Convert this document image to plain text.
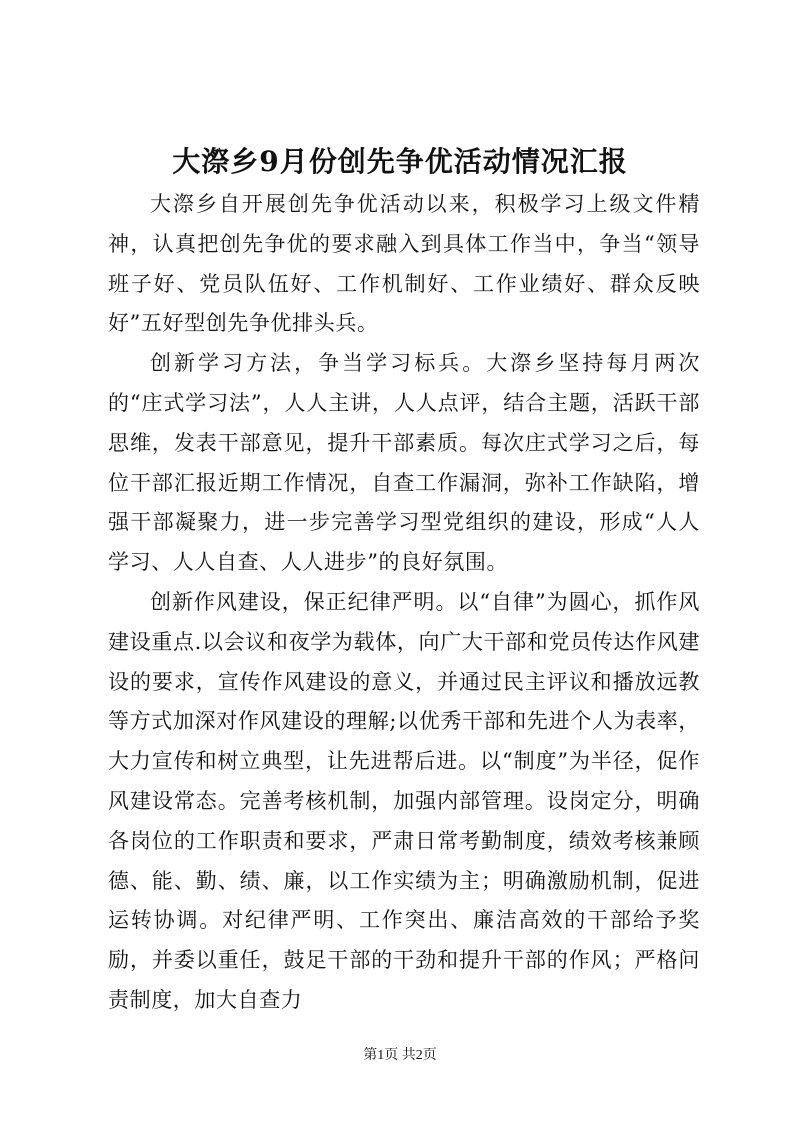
大漈乡9月份创先争优活动情况汇报

大漈乡自开展创先争优活动以来，积极学习上级文件精神，认真把创先争优的要求融入到具体工作当中，争当“领导班子好、党员队伍好、工作机制好、工作业绩好、群众反映好”五好型创先争优排头兵。

创新学习方法，争当学习标兵。大漈乡坚持每月两次的“庄式学习法”，人人主讲，人人点评，结合主题，活跃干部思维，发表干部意见，提升干部素质。每次庄式学习之后，每位干部汇报近期工作情况，自查工作漏洞，弥补工作缺陷，增强干部凝聚力，进一步完善学习型党组织的建设，形成“人人学习、人人自查、人人进步”的良好氛围。

创新作风建设，保正纪律严明。以“自律”为圆心，抓作风建设重点.以会议和夜学为载体，向广大干部和党员传达作风建设的要求，宣传作风建设的意义，并通过民主评议和播放远教等方式加深对作风建设的理解;以优秀干部和先进个人为表率，大力宣传和树立典型，让先进帮后进。以“制度”为半径，促作风建设常态。完善考核机制，加强内部管理。设岗定分，明确各岗位的工作职责和要求，严肃日常考勤制度，绩效考核兼顾德、能、勤、绩、廉，以工作实绩为主；明确激励机制，促进运转协调。对纪律严明、工作突出、廉洁高效的干部给予奖励，并委以重任，鼓足干部的干劲和提升干部的作风；严格问责制度，加大自查力

第1页 共2页
